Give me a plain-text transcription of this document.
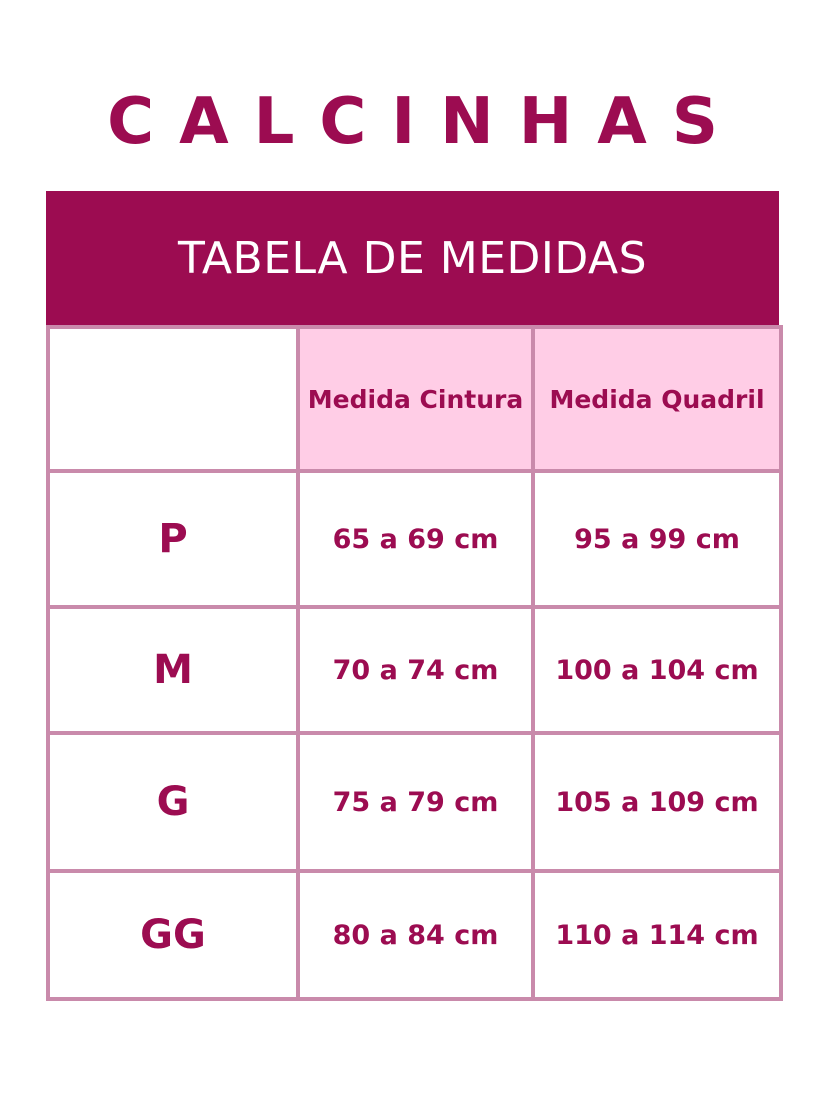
CALCINHAS
TABELA DE MEDIDAS
	Medida Cintura	Medida Quadril
P	65 a 69 cm	95 a 99 cm
M	70 a 74 cm	100 a 104 cm
G	75 a 79 cm	105 a 109 cm
GG	80 a 84 cm	110 a 114 cm
